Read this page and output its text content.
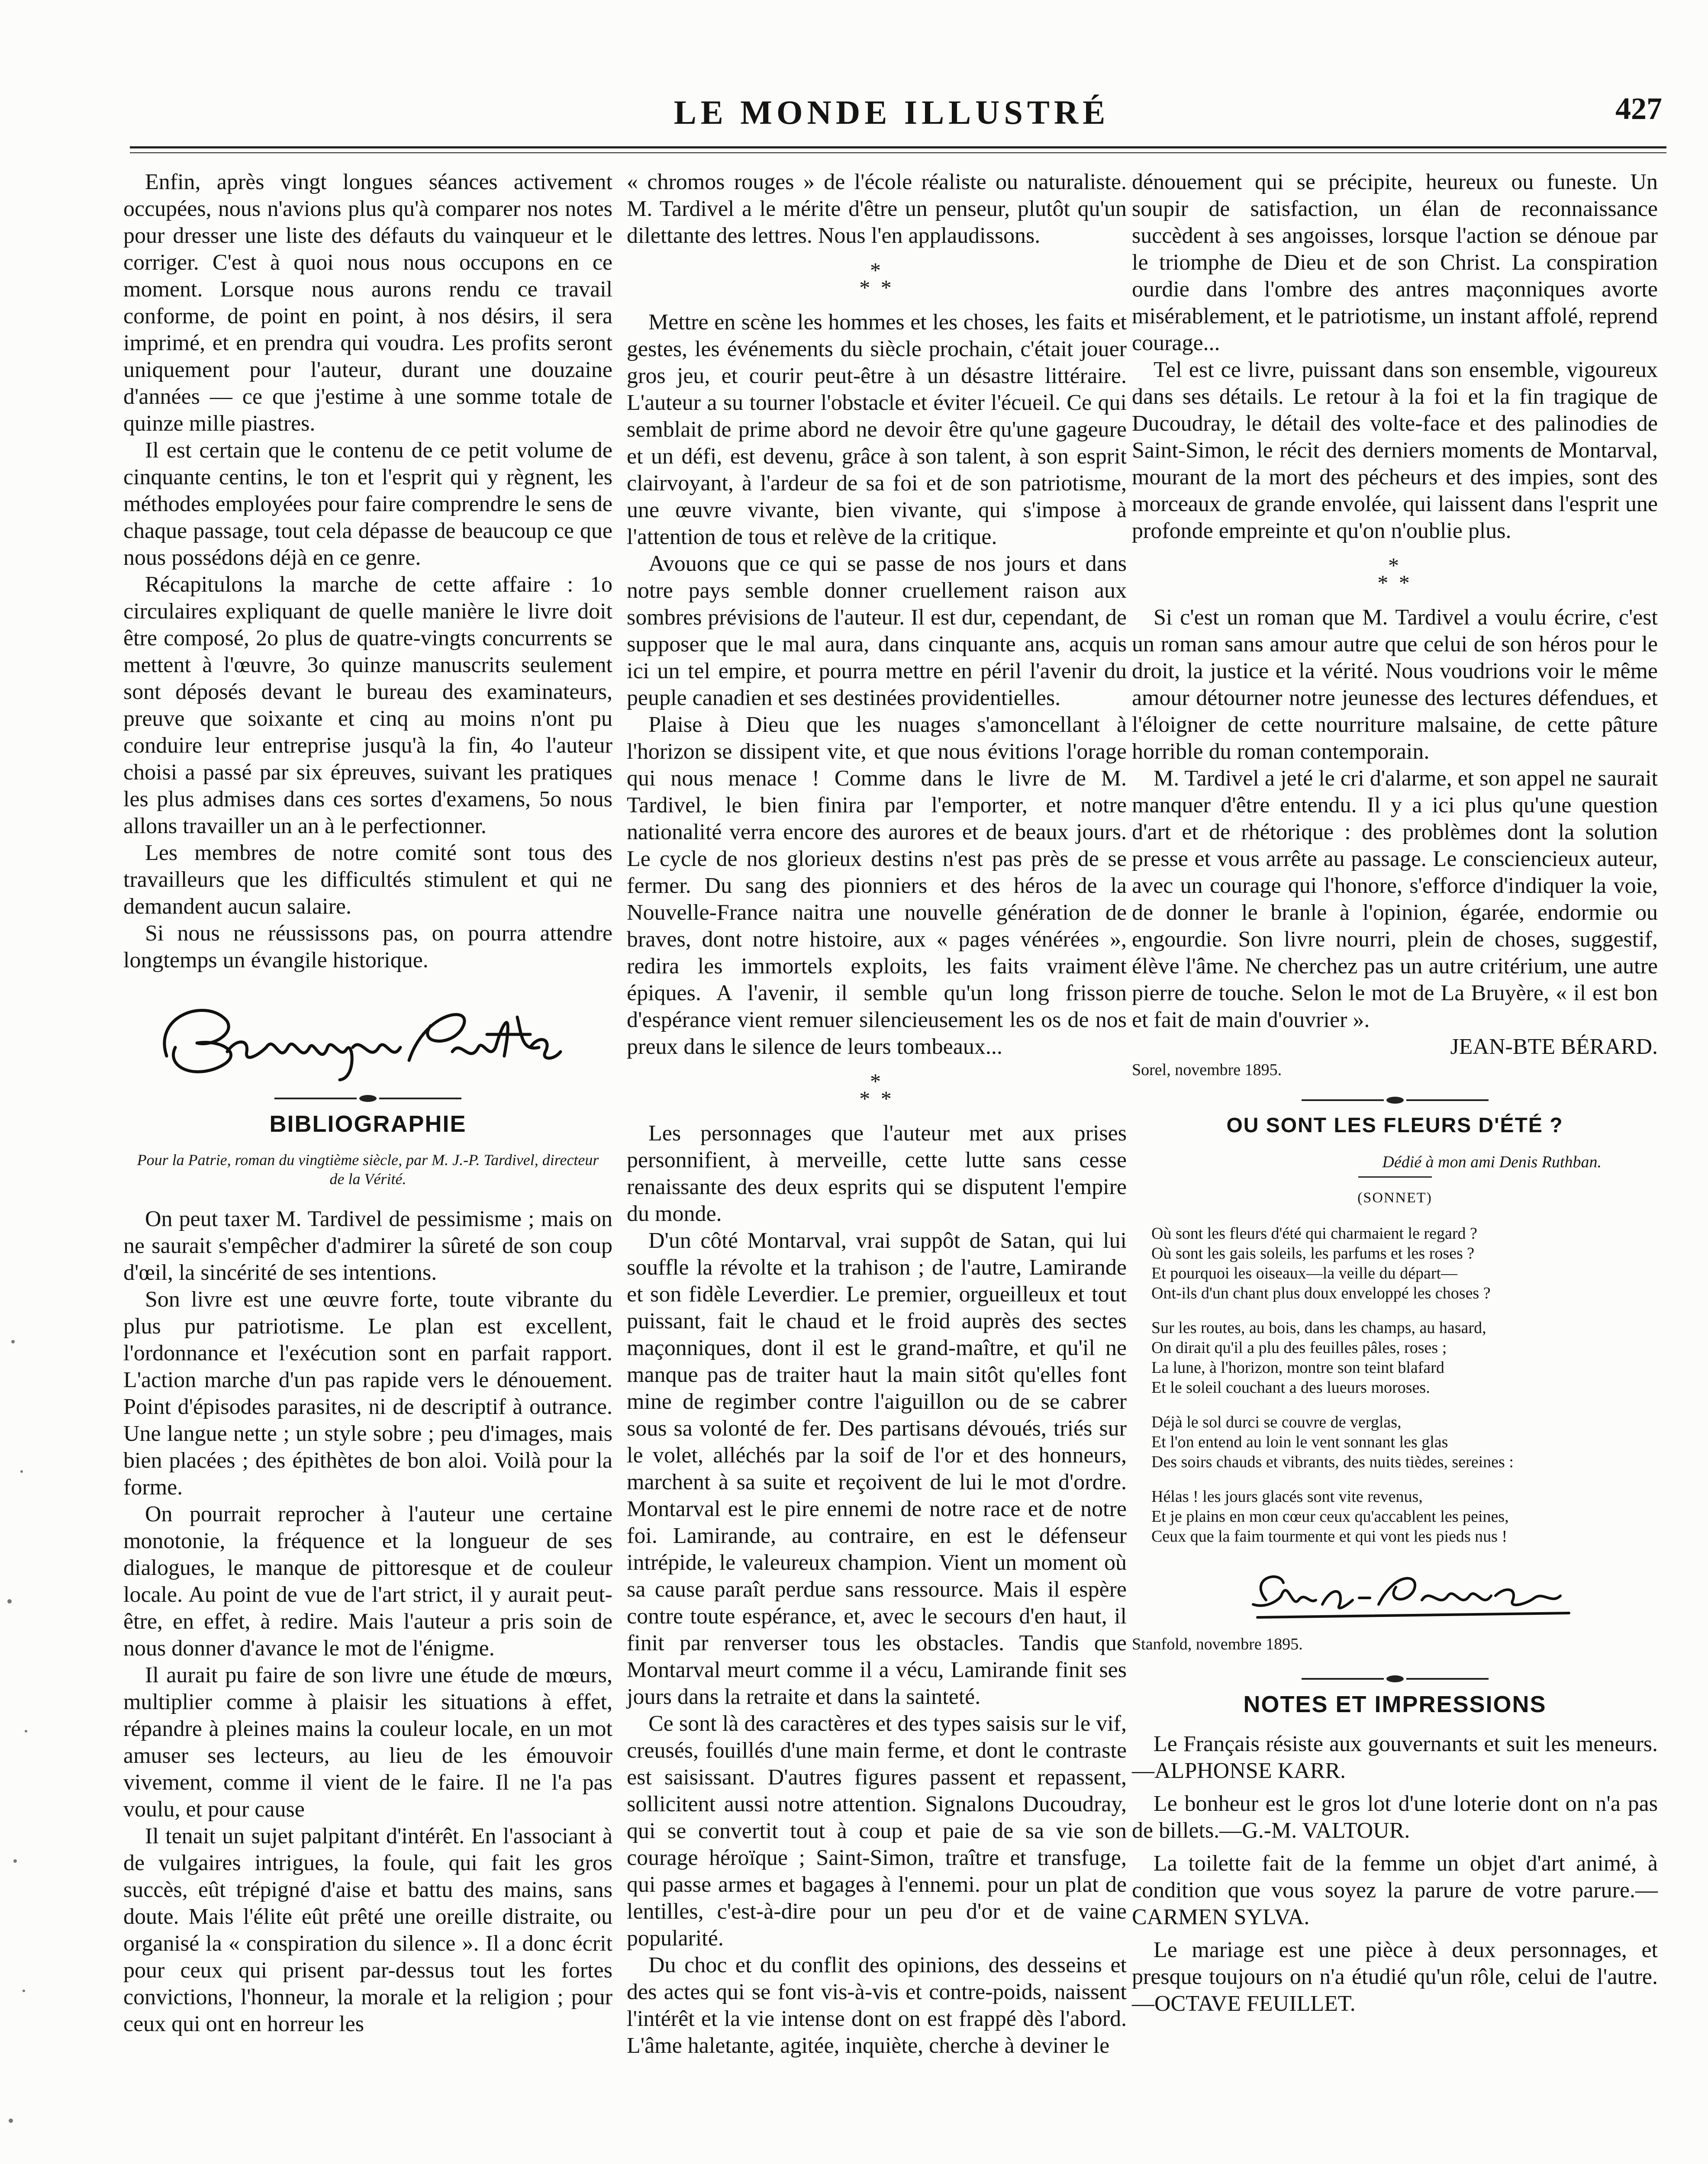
LE MONDE ILLUSTRÉ	427

Enfin, après vingt longues séances activement occupées, nous n'avions plus qu'à comparer nos notes pour dresser une liste des défauts du vainqueur et le corriger. C'est à quoi nous nous occupons en ce moment. Lorsque nous aurons rendu ce travail conforme, de point en point, à nos désirs, il sera imprimé, et en prendra qui voudra. Les profits seront uniquement pour l'auteur, durant une douzaine d'années — ce que j'estime à une somme totale de quinze mille piastres.

Il est certain que le contenu de ce petit volume de cinquante centins, le ton et l'esprit qui y règnent, les méthodes employées pour faire comprendre le sens de chaque passage, tout cela dépasse de beaucoup ce que nous possédons déjà en ce genre.

Récapitulons la marche de cette affaire : 1o circulaires expliquant de quelle manière le livre doit être composé, 2o plus de quatre-vingts concurrents se mettent à l'œuvre, 3o quinze manuscrits seulement sont déposés devant le bureau des examinateurs, preuve que soixante et cinq au moins n'ont pu conduire leur entreprise jusqu'à la fin, 4o l'auteur choisi a passé par six épreuves, suivant les pratiques les plus admises dans ces sortes d'examens, 5o nous allons travailler un an à le perfectionner.

Les membres de notre comité sont tous des travailleurs que les difficultés stimulent et qui ne demandent aucun salaire.

Si nous ne réussissons pas, on pourra attendre longtemps un évangile historique.

BIBLIOGRAPHIE
Pour la Patrie, roman du vingtième siècle, par M. J.-P. Tardivel, directeur de la Vérité.

On peut taxer M. Tardivel de pessimisme ; mais on ne saurait s'empêcher d'admirer la sûreté de son coup d'œil, la sincérité de ses intentions.

Son livre est une œuvre forte, toute vibrante du plus pur patriotisme. Le plan est excellent, l'ordonnance et l'exécution sont en parfait rapport. L'action marche d'un pas rapide vers le dénouement. Point d'épisodes parasites, ni de descriptif à outrance. Une langue nette ; un style sobre ; peu d'images, mais bien placées ; des épithètes de bon aloi. Voilà pour la forme.

On pourrait reprocher à l'auteur une certaine monotonie, la fréquence et la longueur de ses dialogues, le manque de pittoresque et de couleur locale. Au point de vue de l'art strict, il y aurait peut-être, en effet, à redire. Mais l'auteur a pris soin de nous donner d'avance le mot de l'énigme.

Il aurait pu faire de son livre une étude de mœurs, multiplier comme à plaisir les situations à effet, répandre à pleines mains la couleur locale, en un mot amuser ses lecteurs, au lieu de les émouvoir vivement, comme il vient de le faire. Il ne l'a pas voulu, et pour cause

Il tenait un sujet palpitant d'intérêt. En l'associant à de vulgaires intrigues, la foule, qui fait les gros succès, eût trépigné d'aise et battu des mains, sans doute. Mais l'élite eût prêté une oreille distraite, ou organisé la « conspiration du silence ». Il a donc écrit pour ceux qui prisent par-dessus tout les fortes convictions, l'honneur, la morale et la religion ; pour ceux qui ont en horreur les

« chromos rouges » de l'école réaliste ou naturaliste. M. Tardivel a le mérite d'être un penseur, plutôt qu'un dilettante des lettres. Nous l'en applaudissons.

*
* *

Mettre en scène les hommes et les choses, les faits et gestes, les événements du siècle prochain, c'était jouer gros jeu, et courir peut-être à un désastre littéraire. L'auteur a su tourner l'obstacle et éviter l'écueil. Ce qui semblait de prime abord ne devoir être qu'une gageure et un défi, est devenu, grâce à son talent, à son esprit clairvoyant, à l'ardeur de sa foi et de son patriotisme, une œuvre vivante, bien vivante, qui s'impose à l'attention de tous et relève de la critique.

Avouons que ce qui se passe de nos jours et dans notre pays semble donner cruellement raison aux sombres prévisions de l'auteur. Il est dur, cependant, de supposer que le mal aura, dans cinquante ans, acquis ici un tel empire, et pourra mettre en péril l'avenir du peuple canadien et ses destinées providentielles.

Plaise à Dieu que les nuages s'amoncellant à l'horizon se dissipent vite, et que nous évitions l'orage qui nous menace ! Comme dans le livre de M. Tardivel, le bien finira par l'emporter, et notre nationalité verra encore des aurores et de beaux jours. Le cycle de nos glorieux destins n'est pas près de se fermer. Du sang des pionniers et des héros de la Nouvelle-France naitra une nouvelle génération de braves, dont notre histoire, aux « pages vénérées », redira les immortels exploits, les faits vraiment épiques. A l'avenir, il semble qu'un long frisson d'espérance vient remuer silencieusement les os de nos preux dans le silence de leurs tombeaux...

*
* *

Les personnages que l'auteur met aux prises personnifient, à merveille, cette lutte sans cesse renaissante des deux esprits qui se disputent l'empire du monde.

D'un côté Montarval, vrai suppôt de Satan, qui lui souffle la révolte et la trahison ; de l'autre, Lamirande et son fidèle Leverdier. Le premier, orgueilleux et tout puissant, fait le chaud et le froid auprès des sectes maçonniques, dont il est le grand-maître, et qu'il ne manque pas de traiter haut la main sitôt qu'elles font mine de regimber contre l'aiguillon ou de se cabrer sous sa volonté de fer. Des partisans dévoués, triés sur le volet, alléchés par la soif de l'or et des honneurs, marchent à sa suite et reçoivent de lui le mot d'ordre. Montarval est le pire ennemi de notre race et de notre foi. Lamirande, au contraire, en est le défenseur intrépide, le valeureux champion. Vient un moment où sa cause paraît perdue sans ressource. Mais il espère contre toute espérance, et, avec le secours d'en haut, il finit par renverser tous les obstacles. Tandis que Montarval meurt comme il a vécu, Lamirande finit ses jours dans la retraite et dans la sainteté.

Ce sont là des caractères et des types saisis sur le vif, creusés, fouillés d'une main ferme, et dont le contraste est saisissant. D'autres figures passent et repassent, sollicitent aussi notre attention. Signalons Ducoudray, qui se convertit tout à coup et paie de sa vie son courage héroïque ; Saint-Simon, traître et transfuge, qui passe armes et bagages à l'ennemi. pour un plat de lentilles, c'est-à-dire pour un peu d'or et de vaine popularité.

Du choc et du conflit des opinions, des desseins et des actes qui se font vis-à-vis et contre-poids, naissent l'intérêt et la vie intense dont on est frappé dès l'abord. L'âme haletante, agitée, inquiète, cherche à deviner le

dénouement qui se précipite, heureux ou funeste. Un soupir de satisfaction, un élan de reconnaissance succèdent à ses angoisses, lorsque l'action se dénoue par le triomphe de Dieu et de son Christ. La conspiration ourdie dans l'ombre des antres maçonniques avorte misérablement, et le patriotisme, un instant affolé, reprend courage...

Tel est ce livre, puissant dans son ensemble, vigoureux dans ses détails. Le retour à la foi et la fin tragique de Ducoudray, le détail des volte-face et des palinodies de Saint-Simon, le récit des derniers moments de Montarval, mourant de la mort des pécheurs et des impies, sont des morceaux de grande envolée, qui laissent dans l'esprit une profonde empreinte et qu'on n'oublie plus.

*
* *

Si c'est un roman que M. Tardivel a voulu écrire, c'est un roman sans amour autre que celui de son héros pour le droit, la justice et la vérité. Nous voudrions voir le même amour détourner notre jeunesse des lectures défendues, et l'éloigner de cette nourriture malsaine, de cette pâture horrible du roman contemporain.

M. Tardivel a jeté le cri d'alarme, et son appel ne saurait manquer d'être entendu. Il y a ici plus qu'une question d'art et de rhétorique : des problèmes dont la solution presse et vous arrête au passage. Le consciencieux auteur, avec un courage qui l'honore, s'efforce d'indiquer la voie, de donner le branle à l'opinion, égarée, endormie ou engourdie. Son livre nourri, plein de choses, suggestif, élève l'âme. Ne cherchez pas un autre critérium, une autre pierre de touche. Selon le mot de La Bruyère, « il est bon et fait de main d'ouvrier ».

JEAN-BTE BÉRARD.

Sorel, novembre 1895.

OU SONT LES FLEURS D'ÉTÉ ?
Dédié à mon ami Denis Ruthban.
(SONNET)
Où sont les fleurs d'été qui charmaient le regard ?
Où sont les gais soleils, les parfums et les roses ?
Et pourquoi les oiseaux—la veille du départ—
Ont-ils d'un chant plus doux enveloppé les choses ?
Sur les routes, au bois, dans les champs, au hasard,
On dirait qu'il a plu des feuilles pâles, roses ;
La lune, à l'horizon, montre son teint blafard
Et le soleil couchant a des lueurs moroses.
Déjà le sol durci se couvre de verglas,
Et l'on entend au loin le vent sonnant les glas
Des soirs chauds et vibrants, des nuits tièdes, sereines :
Hélas ! les jours glacés sont vite revenus,
Et je plains en mon cœur ceux qu'accablent les peines,
Ceux que la faim tourmente et qui vont les pieds nus !

Stanfold, novembre 1895.

NOTES ET IMPRESSIONS

Le Français résiste aux gouvernants et suit les meneurs.—ALPHONSE KARR.

Le bonheur est le gros lot d'une loterie dont on n'a pas de billets.—G.-M. VALTOUR.

La toilette fait de la femme un objet d'art animé, à condition que vous soyez la parure de votre parure.—CARMEN SYLVA.

Le mariage est une pièce à deux personnages, et presque toujours on n'a étudié qu'un rôle, celui de l'autre.—OCTAVE FEUILLET.
